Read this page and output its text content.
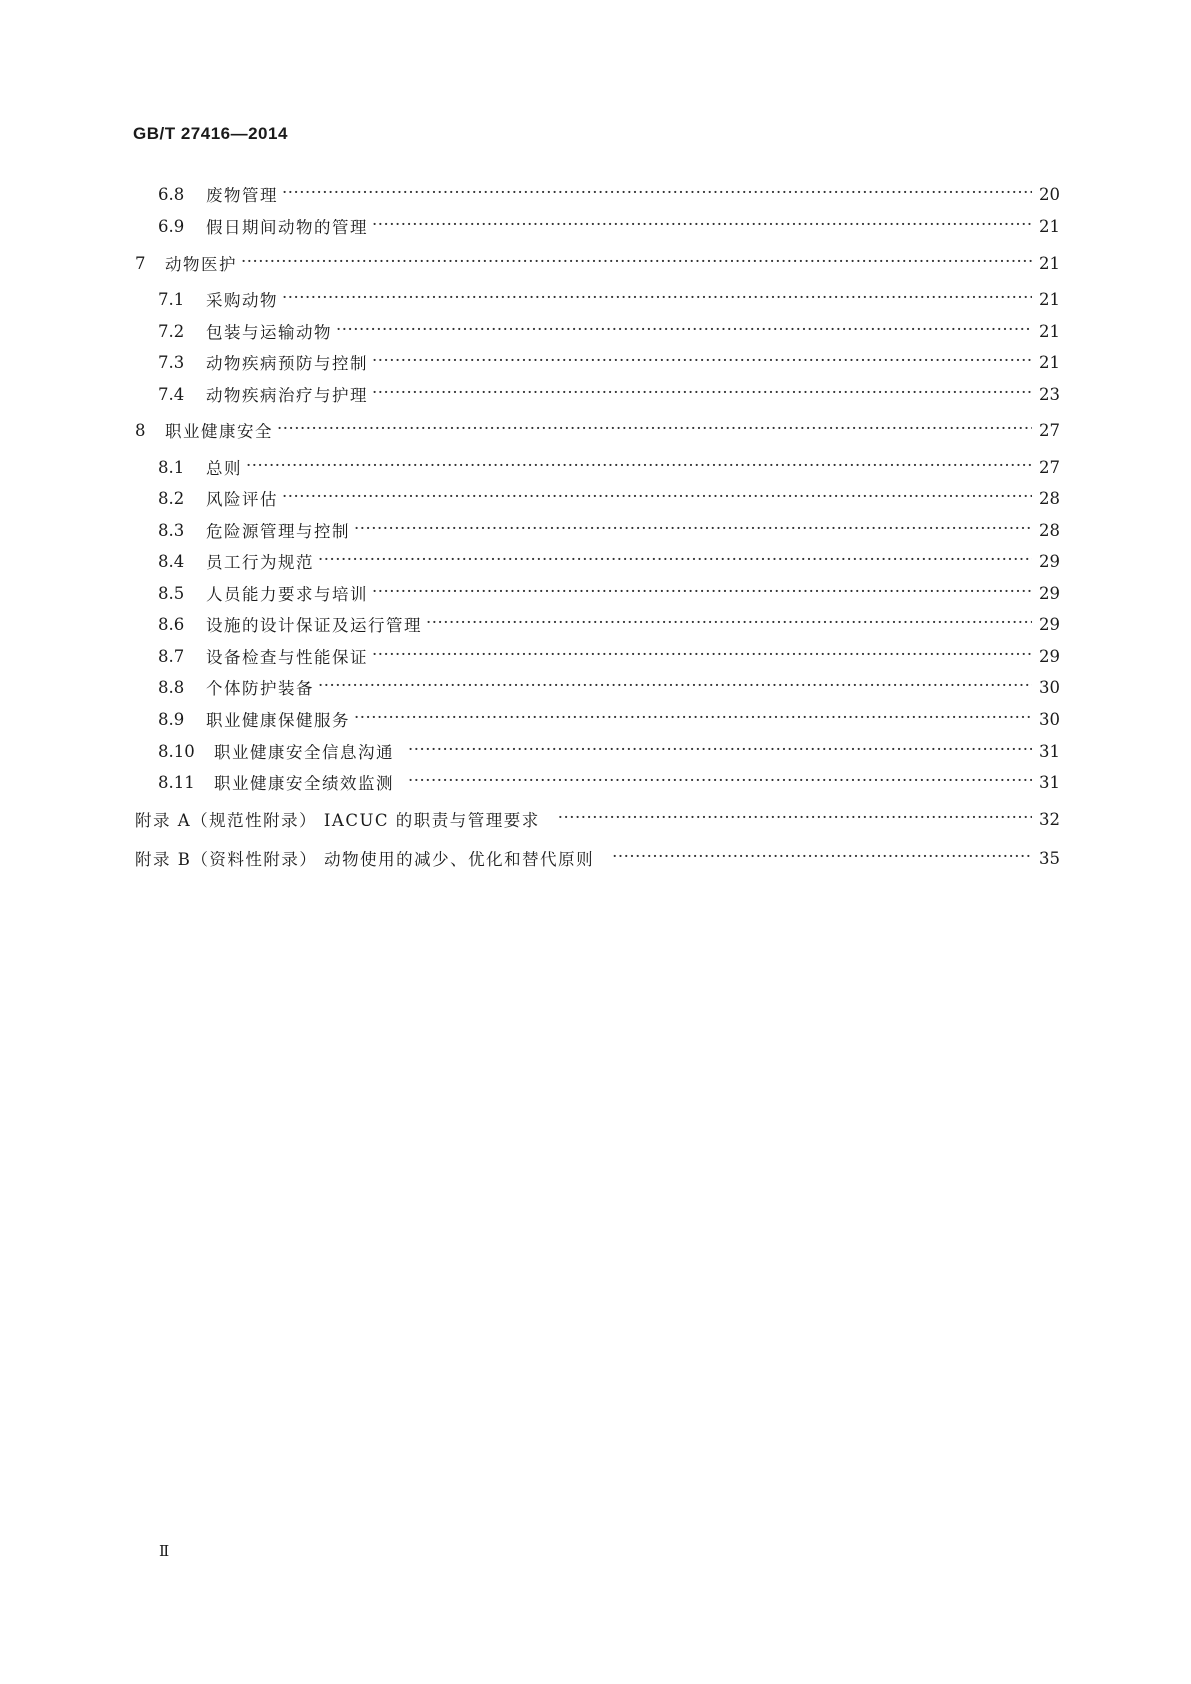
GB/T 27416—2014
6.8	废物管理 ·····	20
6.9	假日期间动物的管理 ·····	21
7	动物医护 ·····	21
7.1	采购动物 ·····	21
7.2	包装与运输动物 ·····	21
7.3	动物疾病预防与控制 ·····	21
7.4	动物疾病治疗与护理 ·····	23
8	职业健康安全 ·····	27
8.1	总则 ·····	27
8.2	风险评估 ·····	28
8.3	危险源管理与控制 ·····	28
8.4	员工行为规范 ·····	29
8.5	人员能力要求与培训 ·····	29
8.6	设施的设计保证及运行管理 ·····	29
8.7	设备检查与性能保证 ·····	29
8.8	个体防护装备 ·····	30
8.9	职业健康保健服务 ·····	30
8.10	职业健康安全信息沟通 ·····	31
8.11	职业健康安全绩效监测 ·····	31
附录 A（规范性附录） IACUC 的职责与管理要求 ·····	32
附录 B（资料性附录） 动物使用的减少、优化和替代原则 ·····	35
Ⅱ
